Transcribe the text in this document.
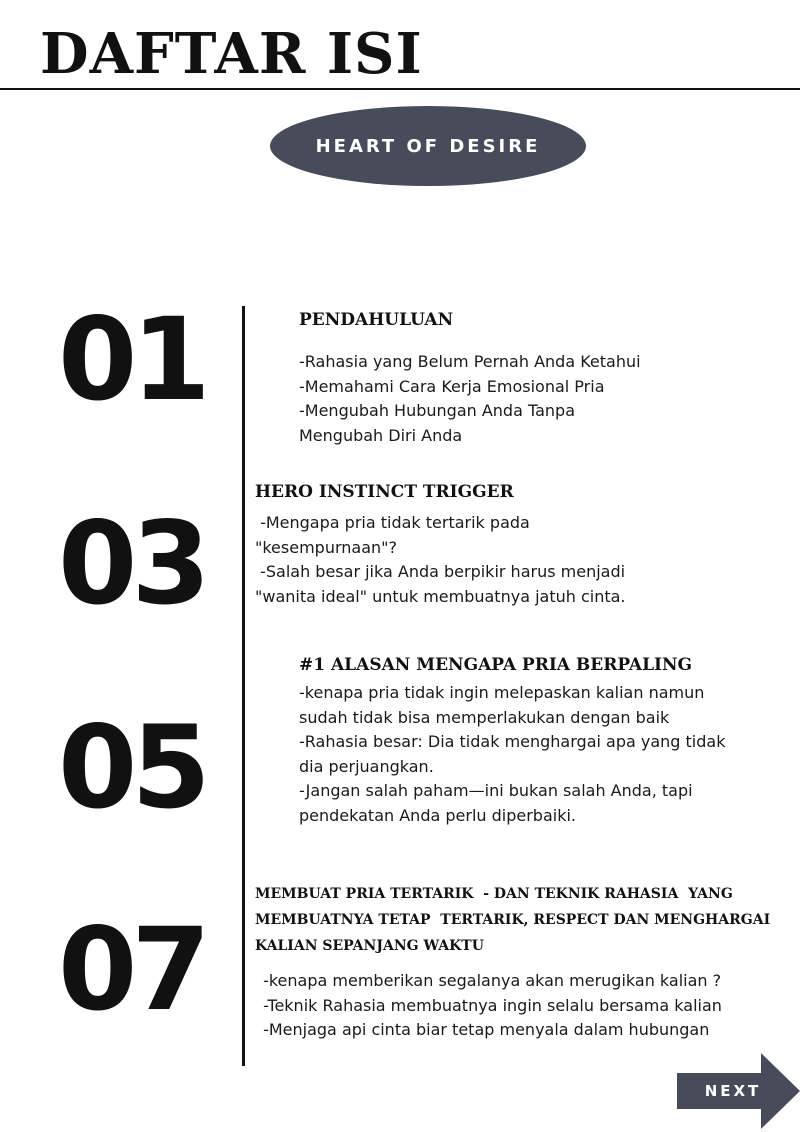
DAFTAR ISI
HEART OF DESIRE
01	PENDAHULUAN
-Rahasia yang Belum Pernah Anda Ketahui
-Memahami Cara Kerja Emosional Pria
-Mengubah Hubungan Anda Tanpa
Mengubah Diri Anda
03
HERO INSTINCT TRIGGER
-Mengapa pria tidak tertarik pada
"kesempurnaan"?
-Salah besar jika Anda berpikir harus menjadi
"wanita ideal" untuk membuatnya jatuh cinta.
05
#1 ALASAN MENGAPA PRIA BERPALING
-kenapa pria tidak ingin melepaskan kalian namun
sudah tidak bisa memperlakukan dengan baik
-Rahasia besar: Dia tidak menghargai apa yang tidak
dia perjuangkan.
-Jangan salah paham—ini bukan salah Anda, tapi
pendekatan Anda perlu diperbaiki.
07
MEMBUAT PRIA TERTARIK  - DAN TEKNIK RAHASIA  YANG
MEMBUATNYA TETAP  TERTARIK, RESPECT DAN MENGHARGAI
KALIAN SEPANJANG WAKTU
-kenapa memberikan segalanya akan merugikan kalian ?
-Teknik Rahasia membuatnya ingin selalu bersama kalian
-Menjaga api cinta biar tetap menyala dalam hubungan
NEXT
